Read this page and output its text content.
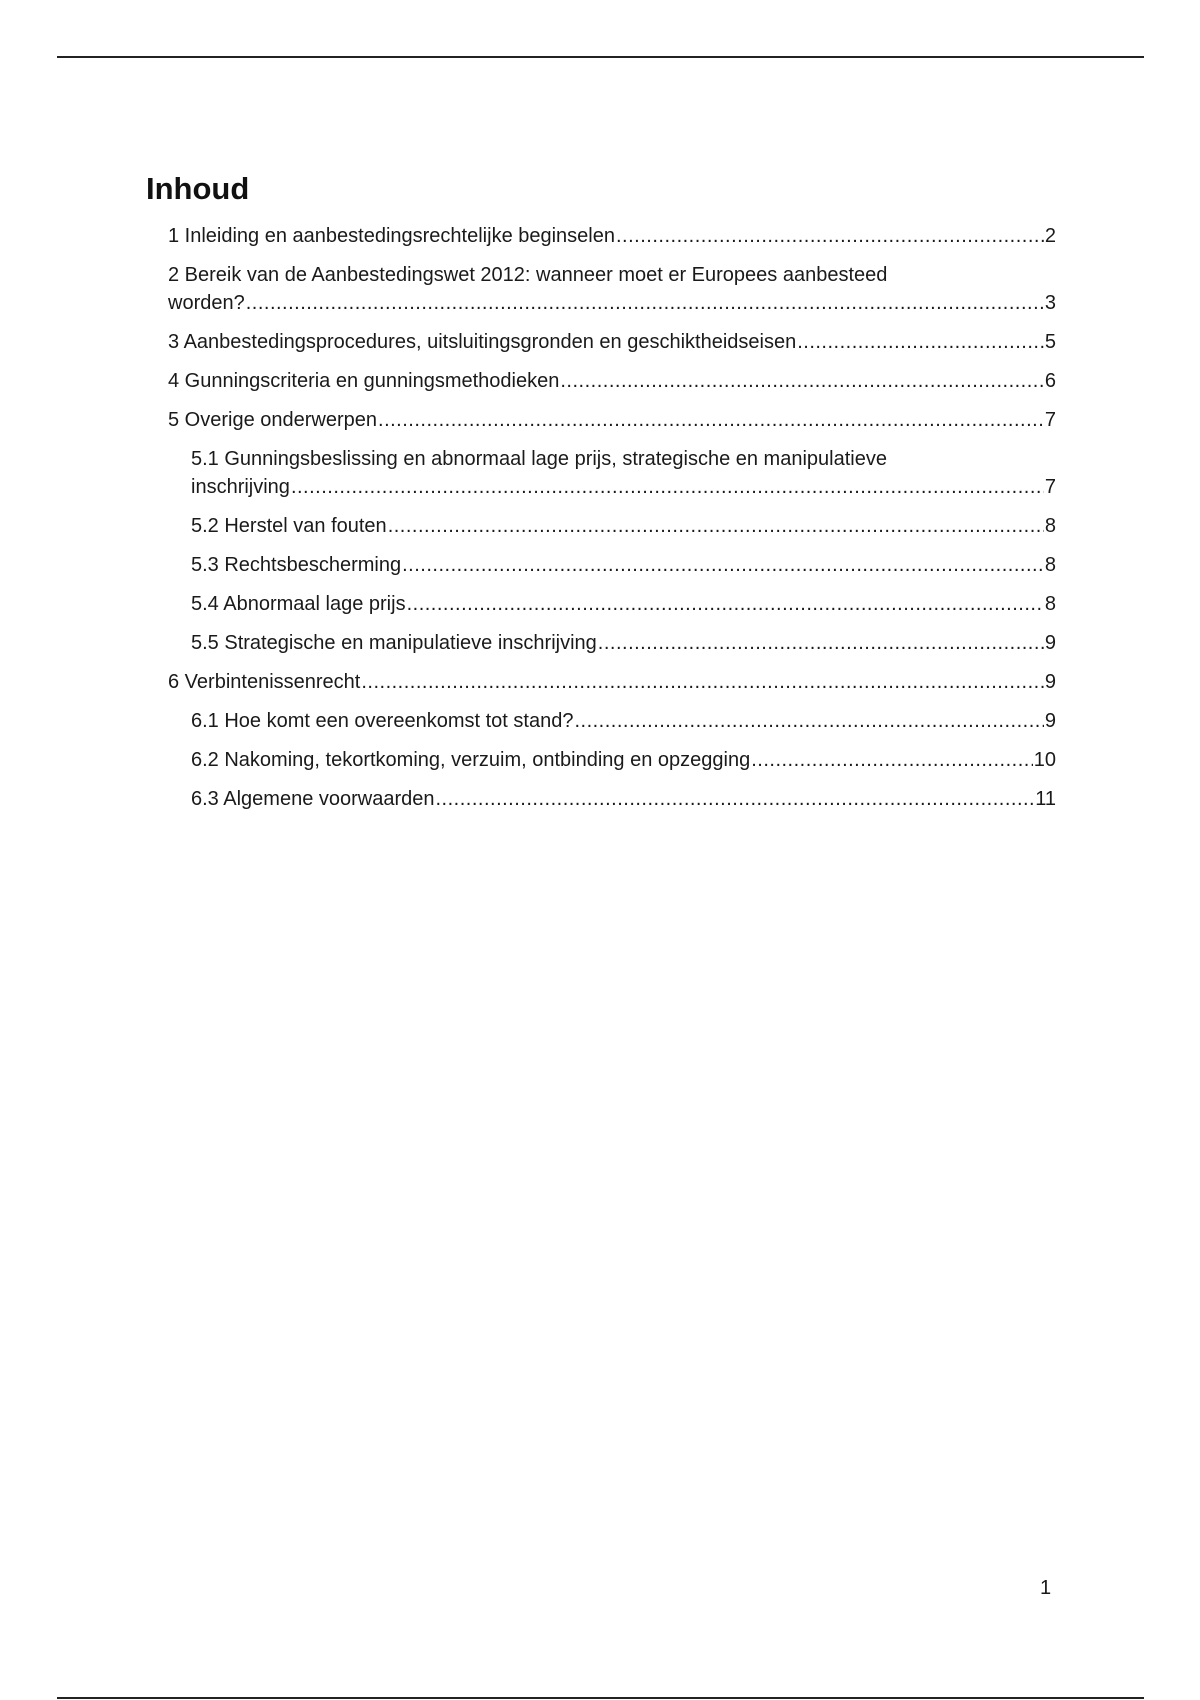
Inhoud
1 Inleiding en aanbestedingsrechtelijke beginselen .....	2
2 Bereik van de Aanbestedingswet 2012: wanneer moet er Europees aanbesteed
worden? .....	3
3 Aanbestedingsprocedures, uitsluitingsgronden en geschiktheidseisen .....	5
4 Gunningscriteria en gunningsmethodieken .....	6
5 Overige onderwerpen .....	7
5.1 Gunningsbeslissing en abnormaal lage prijs, strategische en manipulatieve
inschrijving .....	7
5.2 Herstel van fouten .....	8
5.3 Rechtsbescherming .....	8
5.4 Abnormaal lage prijs .....	8
5.5 Strategische en manipulatieve inschrijving .....	9
6 Verbintenissenrecht .....	9
6.1 Hoe komt een overeenkomst tot stand? .....	9
6.2 Nakoming, tekortkoming, verzuim, ontbinding en opzegging .....	10
6.3 Algemene voorwaarden .....	11
1
